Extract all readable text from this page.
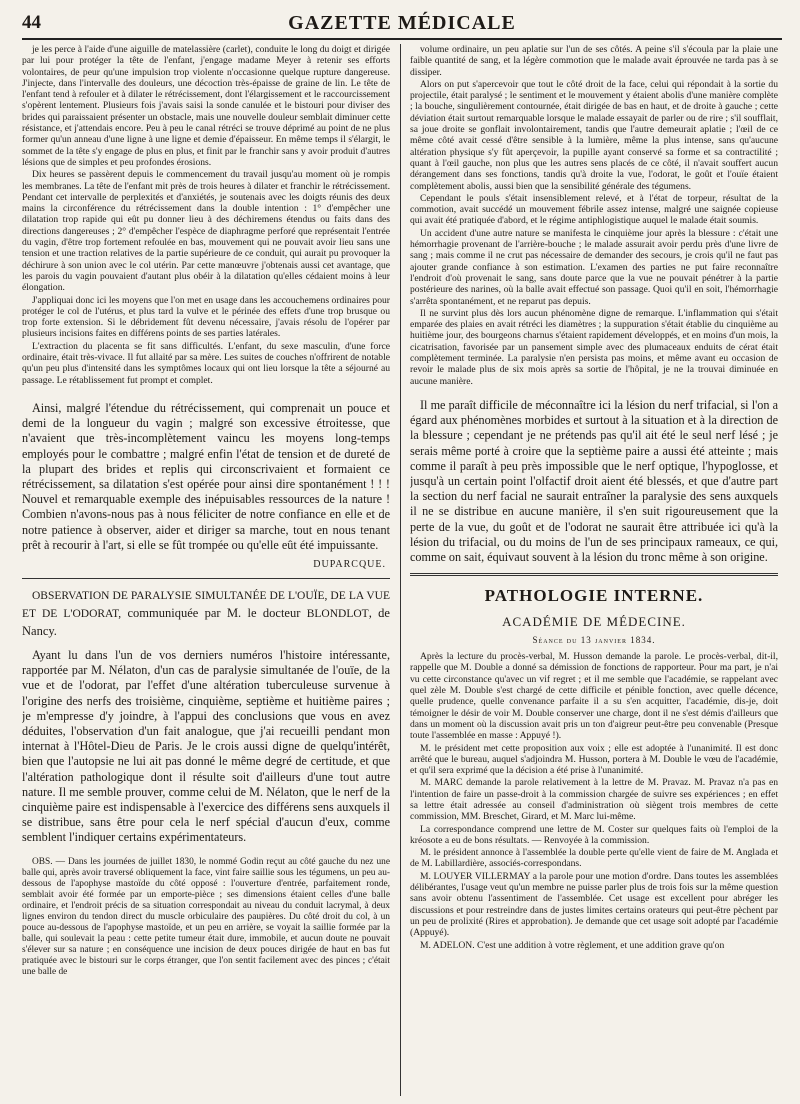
44	GAZETTE MÉDICALE

je les perce à l'aide d'une aiguille de matelassière (carlet), conduite le long du doigt et dirigée par lui pour protéger la tête de l'enfant, j'engage madame Meyer à retenir ses efforts volontaires, de peur qu'une impulsion trop violente n'occasionne quelque rupture dangereuse. J'injecte, dans l'intervalle des douleurs, une décoction très-épaisse de graine de lin. Le tête de l'enfant tend à refouler et à dilater le rétrécissement, dont l'élargissement et le raccourcissement s'opèrent lentement. Plusieurs fois j'avais saisi la sonde canulée et le bistouri pour diviser des brides qui paraissaient présenter un obstacle, mais une nouvelle douleur semblait diminuer cette résistance, et j'attendais encore. Peu à peu le canal rétréci se trouve déprimé au point de ne plus former qu'un anneau d'une ligne à une ligne et demie d'épaisseur. En même temps il s'élargit, le sommet de la tête s'y engage de plus en plus, et finit par le franchir sans y avoir produit d'autres lésions que de simples et peu profondes érosions.

Dix heures se passèrent depuis le commencement du travail jusqu'au moment où je rompis les membranes. La tête de l'enfant mit près de trois heures à dilater et franchir le rétrécissement. Pendant cet intervalle de perplexités et d'anxiétés, je soutenais avec les doigts réunis des deux mains la circonférence du rétrécissement dans la double intention : 1° d'empêcher une dilatation trop rapide qui eût pu donner lieu à des déchiremens étendus ou faits dans des directions dangereuses ; 2° d'empêcher l'espèce de diaphragme perforé que représentait l'entrée du vagin, d'être trop fortement refoulée en bas, mouvement qui ne pouvait avoir lieu sans une tension et une traction relatives de la partie supérieure de ce conduit, qui aurait pu provoquer la déchirure à son union avec le col utérin. Par cette manœuvre j'obtenais aussi cet avantage, que les parois du vagin pouvaient d'autant plus obéir à la dilatation qu'elles cédaient moins à leur élongation.

J'appliquai donc ici les moyens que l'on met en usage dans les accouchemens ordinaires pour protéger le col de l'utérus, et plus tard la vulve et le périnée des effets d'une trop brusque ou trop forte extension. Si le débridement fût devenu nécessaire, j'avais résolu de l'opérer par plusieurs incisions faites en différens points de ses parties latérales.

L'extraction du placenta se fit sans difficultés. L'enfant, du sexe masculin, d'une force ordinaire, était très-vivace. Il fut allaité par sa mère. Les suites de couches n'offrirent de notable qu'un peu plus d'intensité dans les symptômes locaux qui ont lieu lorsque la tête a séjourné au passage. Le rétablissement fut prompt et complet.

Ainsi, malgré l'étendue du rétrécissement, qui comprenait un pouce et demi de la longueur du vagin ; malgré son excessive étroitesse, que n'avaient que très-incomplètement vaincu les moyens long-temps employés pour le combattre ; malgré enfin l'état de tension et de dureté de la plupart des brides et replis qui circonscrivaient et formaient ce rétrécissement, sa dilatation s'est opérée pour ainsi dire spontanément ! ! ! Nouvel et remarquable exemple des inépuisables ressources de la nature ! Combien n'avons-nous pas à nous féliciter de notre confiance en elle et de notre patience à observer, aider et diriger sa marche, tout en nous tenant prêt à recourir à l'art, si elle se fût trompée ou qu'elle eût été impuissante.

DUPARCQUE.
OBSERVATION DE PARALYSIE SIMULTANÉE DE L'OUÏE, DE LA VUE ET DE L'ODORAT, communiquée par M. le docteur BLONDLOT, de Nancy.

Ayant lu dans l'un de vos derniers numéros l'histoire intéressante, rapportée par M. Nélaton, d'un cas de paralysie simultanée de l'ouïe, de la vue et de l'odorat, par l'effet d'une altération tuberculeuse survenue à l'origine des nerfs des troisième, cinquième, septième et huitième paires ; je m'empresse d'y joindre, à l'appui des conclusions que vous en avez déduites, l'observation d'un fait analogue, que j'ai recueilli pendant mon internat à l'Hôtel-Dieu de Paris. Je le crois aussi digne de quelqu'intérêt, bien que l'autopsie ne lui ait pas donné le même degré de certitude, et que l'altération pathologique dont il résulte soit d'ailleurs d'une tout autre nature. Il me semble prouver, comme celui de M. Nélaton, que le nerf de la cinquième paire est indispensable à l'exercice des différens sens auxquels il se distribue, sans être pour cela le nerf spécial d'aucun d'eux, comme semblent l'indiquer certains expérimentateurs.

OBS. — Dans les journées de juillet 1830, le nommé Godin reçut au côté gauche du nez une balle qui, après avoir traversé obliquement la face, vint faire saillie sous les tégumens, un peu au-dessous de l'apophyse mastoïde du côté opposé : l'ouverture d'entrée, parfaitement ronde, semblait avoir été formée par un emporte-pièce ; ses dimensions étaient celles d'une balle ordinaire, et l'endroit précis de sa situation correspondait au niveau du conduit lacrymal, à deux lignes environ du tendon direct du muscle orbiculaire des paupières. Du côté droit du col, à un pouce au-dessous de l'apophyse mastoïde, et un peu en arrière, se voyait la saillie formée par la balle, qui soulevait la peau : cette petite tumeur était dure, immobile, et aucun doute ne pouvait s'élever sur sa nature ; en conséquence une incision de deux pouces dirigée de haut en bas fut pratiquée avec le bistouri sur le corps étranger, que l'on sentit facilement avec des pinces ; c'était une balle de

volume ordinaire, un peu aplatie sur l'un de ses côtés. A peine s'il s'écoula par la plaie une faible quantité de sang, et la légère commotion que le malade avait éprouvée ne tarda pas à se dissiper.

Alors on put s'apercevoir que tout le côté droit de la face, celui qui répondait à la sortie du projectile, était paralysé ; le sentiment et le mouvement y étaient abolis d'une manière complète ; la bouche, singulièrement contournée, était dirigée de bas en haut, et de droite à gauche ; cette déviation était surtout remarquable lorsque le malade essayait de parler ou de rire ; s'il soufflait, sa joue droite se gonflait involontairement, tandis que l'autre demeurait aplatie ; l'œil de ce même côté avait cessé d'être sensible à la lumière, même la plus intense, sans qu'aucune altération physique s'y fût aperçevoir, la pupille ayant conservé sa forme et sa contractilité ; quant à l'œil gauche, non plus que les autres sens placés de ce côté, il n'avait souffert aucun dérangement dans ses fonctions, tandis qu'à droite la vue, l'odorat, le goût et l'ouïe étaient complètement abolis, aussi bien que la sensibilité générale des tégumens.

Cependant le pouls s'était insensiblement relevé, et à l'état de torpeur, résultat de la commotion, avait succédé un mouvement fébrile assez intense, malgré une saignée copieuse qui avait été pratiquée d'abord, et le régime antiphlogistique auquel le malade était soumis.

Un accident d'une autre nature se manifesta le cinquième jour après la blessure : c'était une hémorrhagie provenant de l'arrière-bouche ; le malade assurait avoir perdu près d'une livre de sang ; mais comme il ne crut pas nécessaire de demander des secours, je crois qu'il ne faut pas ajouter grande confiance à son estimation. L'examen des parties ne put faire reconnaître l'endroit d'où provenait le sang, sans doute parce que la vue ne pouvait pénétrer à la partie postérieure des narines, où la balle avait effectué son passage. Quoi qu'il en soit, l'hémorrhagie s'arrêta spontanément, et ne reparut pas depuis.

Il ne survint plus dès lors aucun phénomène digne de remarque. L'inflammation qui s'était emparée des plaies en avait rétréci les diamètres ; la suppuration s'était établie du cinquième au huitième jour, des bourgeons charnus s'étaient rapidement développés, et en moins d'un mois, la cicatrisation, favorisée par un pansement simple avec des plumaceaux enduits de cérat était complètement terminée. La paralysie n'en persista pas moins, et même avant eu occasion de revoir le malade plus de six mois après sa sortie de l'hôpital, je ne la trouvai diminuée en aucune manière.

Il me paraît difficile de méconnaître ici la lésion du nerf trifacial, si l'on a égard aux phénomènes morbides et surtout à la situation et à la direction de la blessure ; cependant je ne prétends pas qu'il ait été le seul nerf lésé ; je serais même porté à croire que la septième paire a aussi été atteinte ; mais comme il paraît à peu près impossible que le nerf optique, l'hypoglosse, et jusqu'à un certain point l'olfactif droit aient été blessés, et que d'autre part la section du nerf facial ne saurait entraîner la paralysie des sens auxquels il ne se distribue en aucune manière, il s'en suit rigoureusement que la perte de la vue, du goût et de l'odorat ne saurait être attribuée ici qu'à la lésion du trifacial, ou du moins de l'un de ses principaux rameaux, ce qui, comme on sait, équivaut souvent à la lésion du tronc même à son origine.

PATHOLOGIE INTERNE.
ACADÉMIE DE MÉDECINE.
Séance du 13 janvier 1834.

Après la lecture du procès-verbal, M. Husson demande la parole. Le procès-verbal, dit-il, rappelle que M. Double a donné sa démission de fonctions de rapporteur. Pour ma part, je n'ai vu cette circonstance qu'avec un vif regret ; et il me semble que l'académie, se rappelant avec quel zèle M. Double s'est chargé de cette difficile et pénible fonction, avec quelle décence, quelle prudence, quelle convenance parfaite il a su s'en acquitter, l'académie, dis-je, doit témoigner le désir de voir M. Double conserver une charge, dont il ne s'est démis d'ailleurs que dans un moment où la discussion avait pris un ton d'aigreur peut-être peu convenable (Presque toute l'assemblée en masse : Appuyé !).

M. le président met cette proposition aux voix ; elle est adoptée à l'unanimité. Il est donc arrêté que le bureau, auquel s'adjoindra M. Husson, portera à M. Double le vœu de l'académie, et qu'il sera exprimé que la décision a été prise à l'unanimité.

M. MARC demande la parole relativement à la lettre de M. Pravaz. M. Pravaz n'a pas en l'intention de faire un passe-droit à la commission chargée de suivre ses expériences ; en effet sa lettre était adressée au conseil d'administration où siègent trois membres de cette commission, MM. Breschet, Girard, et M. Marc lui-même.

La correspondance comprend une lettre de M. Coster sur quelques faits où l'emploi de la kréosote a eu de bons résultats. — Renvoyée à la commission.

M. le président annonce à l'assemblée la double perte qu'elle vient de faire de M. Anglada et de M. Labillardière, associés-correspondans.

M. LOUYER VILLERMAY a la parole pour une motion d'ordre. Dans toutes les assemblées délibérantes, l'usage veut qu'un membre ne puisse parler plus de trois fois sur la même question sans avoir obtenu l'assentiment de l'assemblée. Cet usage est excellent pour abréger les discussions et pour restreindre dans de justes limites certains orateurs qui peut-être pèchent par un peu de prolixité (Rires et approbation). Je demande que cet usage soit adopté par l'académie (Appuyé).

M. ADELON. C'est une addition à votre règlement, et une addition grave qu'on
